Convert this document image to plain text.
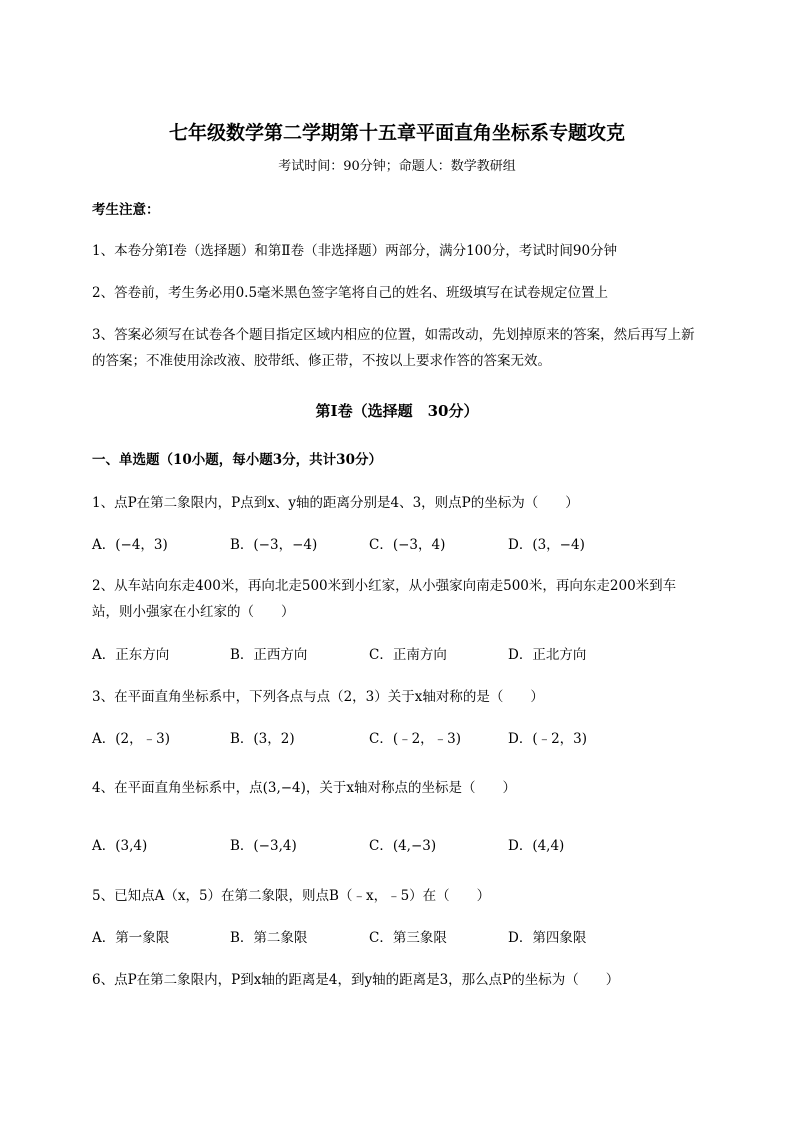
七年级数学第二学期第十五章平面直角坐标系专题攻克
考试时间：90分钟；命题人：数学教研组
考生注意：
1、本卷分第Ⅰ卷（选择题）和第Ⅱ卷（非选择题）两部分，满分100分，考试时间90分钟
2、答卷前，考生务必用0.5毫米黑色签字笔将自己的姓名、班级填写在试卷规定位置上
3、答案必须写在试卷各个题目指定区域内相应的位置，如需改动，先划掉原来的答案，然后再写上新
的答案；不准使用涂改液、胶带纸、修正带，不按以上要求作答的答案无效。
第Ⅰ卷（选择题　30分）
一、单选题（10小题，每小题3分，共计30分）
1、点P在第二象限内，P点到x、y轴的距离分别是4、3，则点P的坐标为（　　）
A．(−4，3)	B．(−3，−4)	C．(−3，4)	D．(3，−4)
2、从车站向东走400米，再向北走500米到小红家，从小强家向南走500米，再向东走200米到车
站，则小强家在小红家的（　　）
A．正东方向	B．正西方向	C．正南方向	D．正北方向
3、在平面直角坐标系中，下列各点与点（2，3）关于x轴对称的是（　　）
A．(2，﹣3)	B．(3，2)	C．(﹣2，﹣3)	D．(﹣2，3)
4、在平面直角坐标系中，点(3,−4)，关于x轴对称点的坐标是（　　）
A．(3,4)	B．(−3,4)	C．(4,−3)	D．(4,4)
5、已知点A（x，5）在第二象限，则点B（﹣x，﹣5）在（　　）
A．第一象限	B．第二象限	C．第三象限	D．第四象限
6、点P在第二象限内，P到x轴的距离是4，到y轴的距离是3，那么点P的坐标为（　　）
